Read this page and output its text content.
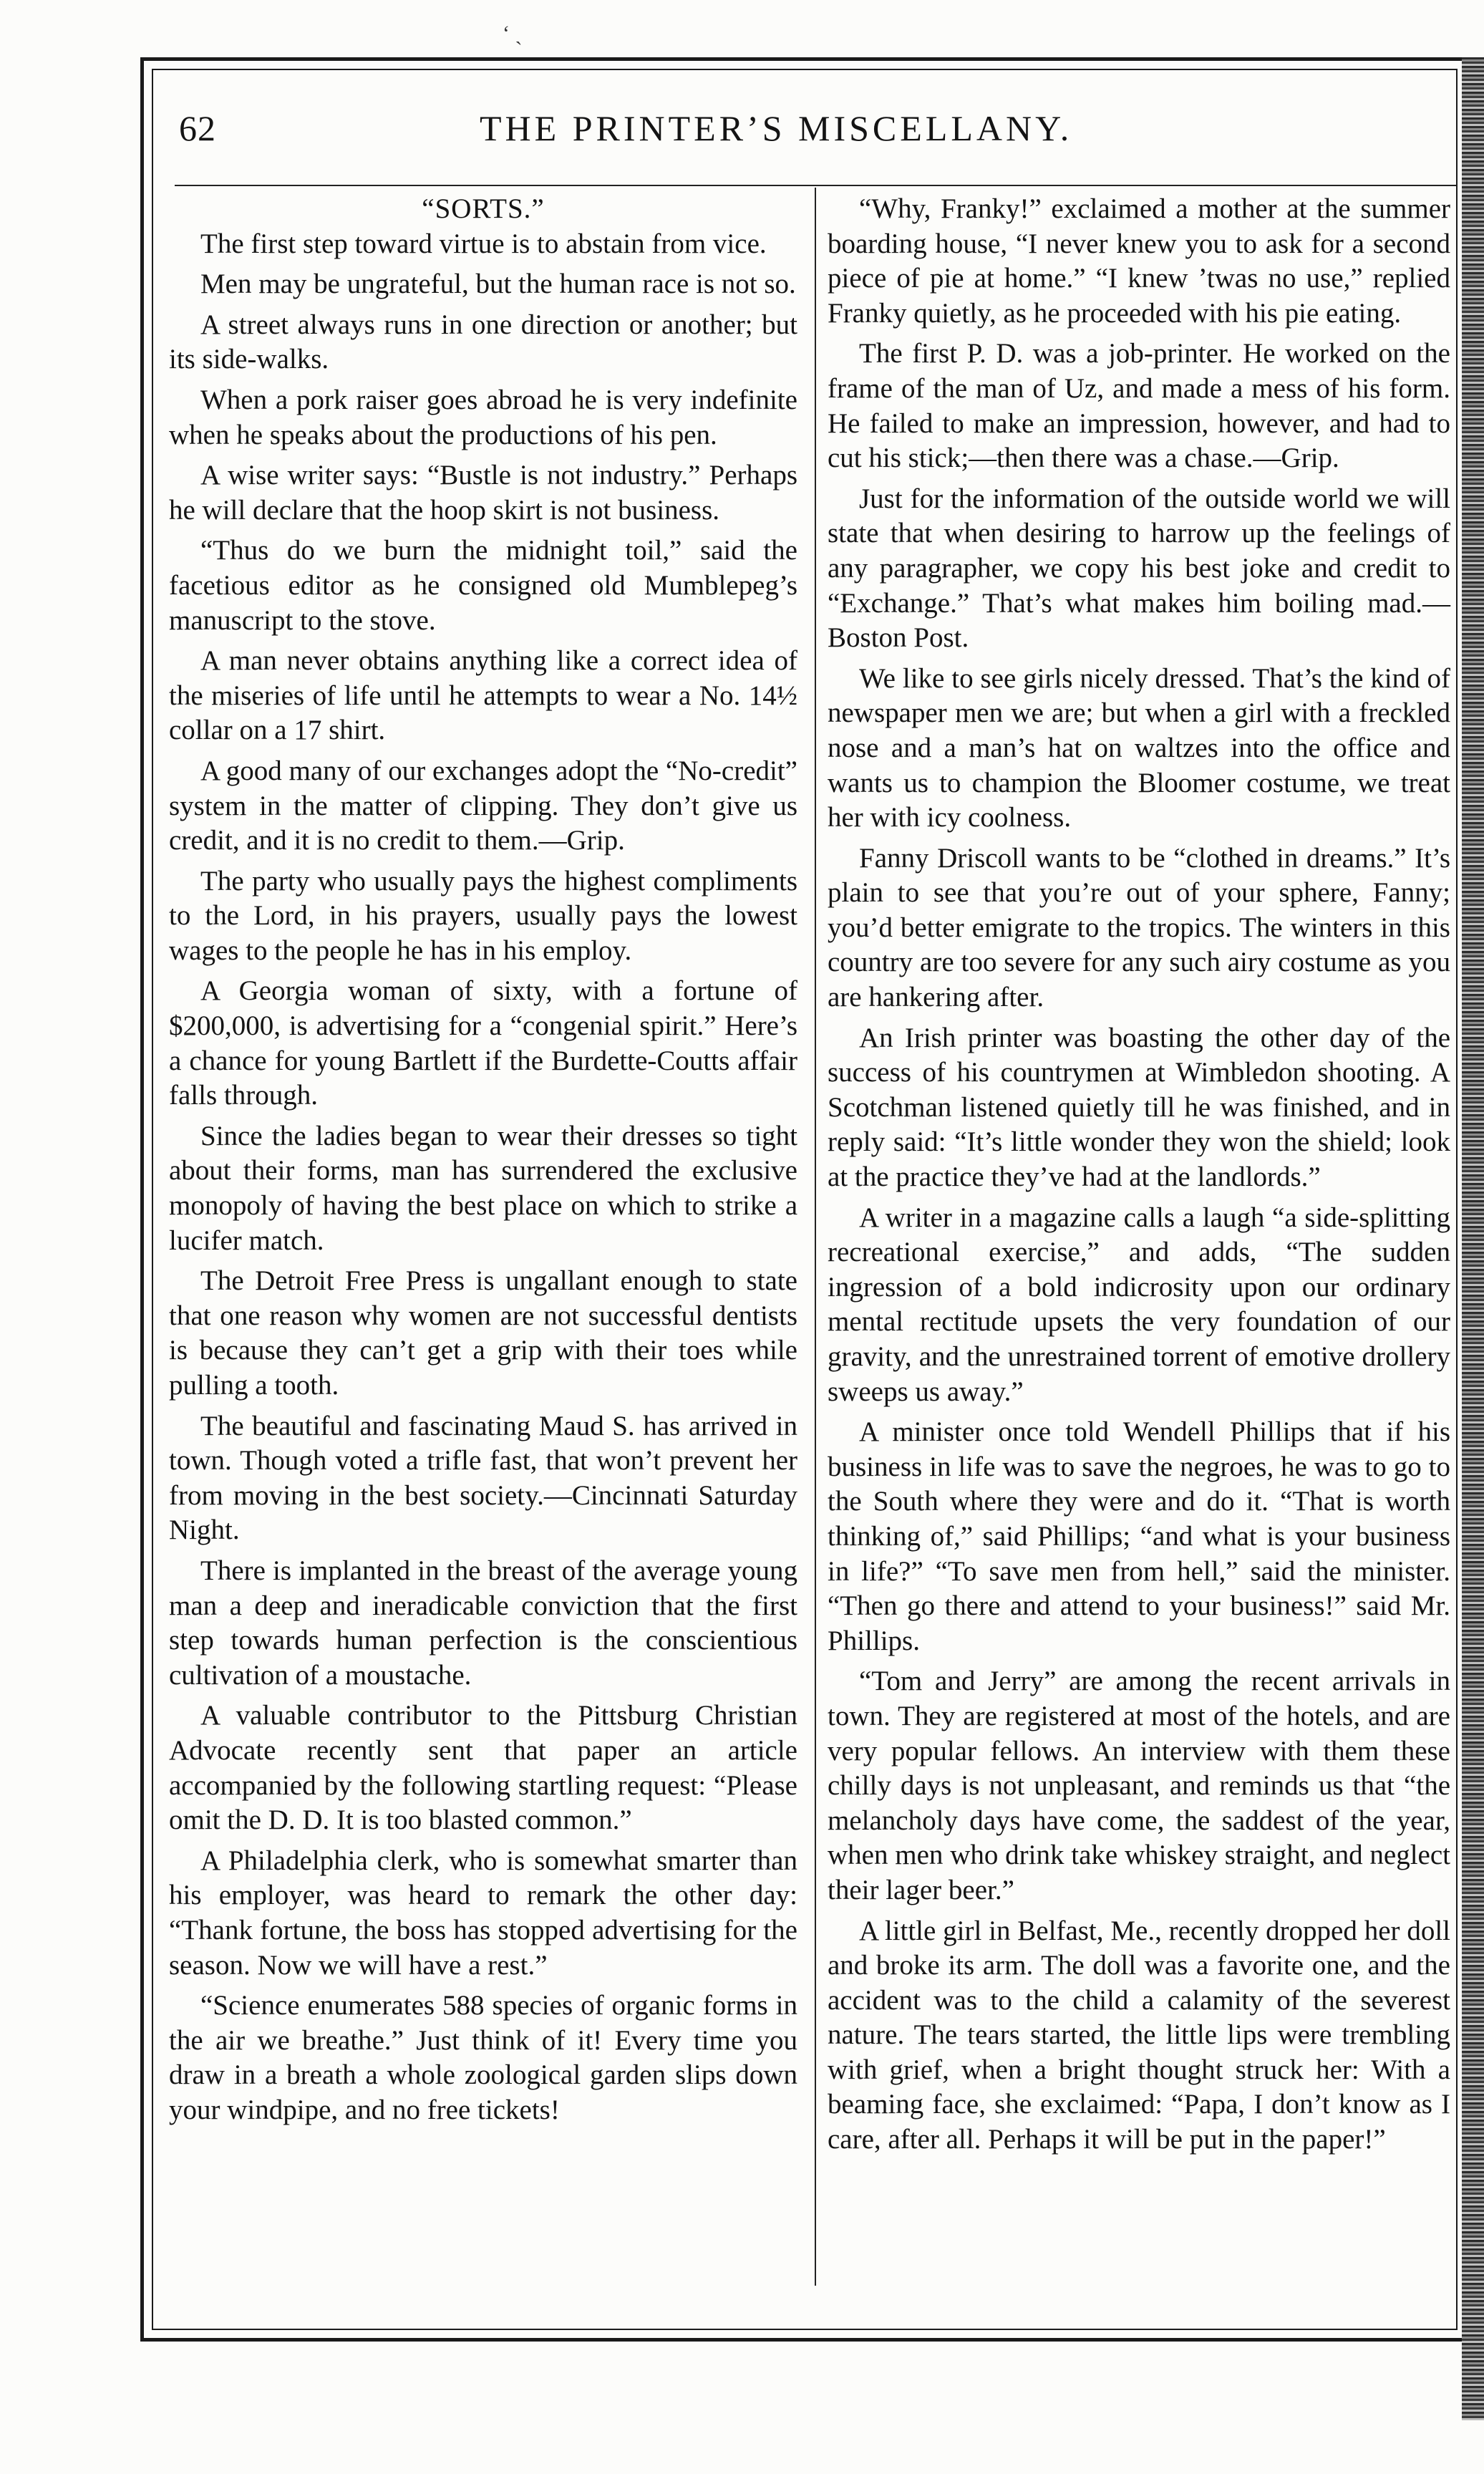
‘ ˎ
62	THE PRINTER’S MISCELLANY.

“SORTS.”

The first step toward virtue is to abstain from vice.

Men may be ungrateful, but the human race is not so.

A street always runs in one direction or another; but its side-walks.

When a pork raiser goes abroad he is very indefinite when he speaks about the productions of his pen.

A wise writer says: “Bustle is not industry.” Perhaps he will declare that the hoop skirt is not business.

“Thus do we burn the midnight toil,” said the facetious editor as he consigned old Mumblepeg’s manuscript to the stove.

A man never obtains anything like a correct idea of the miseries of life until he attempts to wear a No. 14½ collar on a 17 shirt.

A good many of our exchanges adopt the “No-credit” system in the matter of clipping. They don’t give us credit, and it is no credit to them.—Grip.

The party who usually pays the highest compliments to the Lord, in his prayers, usually pays the lowest wages to the people he has in his employ.

A Georgia woman of sixty, with a fortune of $200,000, is advertising for a “congenial spirit.” Here’s a chance for young Bartlett if the Burdette-Coutts affair falls through.

Since the ladies began to wear their dresses so tight about their forms, man has surrendered the exclusive monopoly of having the best place on which to strike a lucifer match.

The Detroit Free Press is ungallant enough to state that one reason why women are not successful dentists is because they can’t get a grip with their toes while pulling a tooth.

The beautiful and fascinating Maud S. has arrived in town. Though voted a trifle fast, that won’t prevent her from moving in the best society.—Cincinnati Saturday Night.

There is implanted in the breast of the average young man a deep and ineradicable conviction that the first step towards human perfection is the conscientious cultivation of a moustache.

A valuable contributor to the Pittsburg Christian Advocate recently sent that paper an article accompanied by the following startling request: “Please omit the D. D. It is too blasted common.”

A Philadelphia clerk, who is somewhat smarter than his employer, was heard to remark the other day: “Thank fortune, the boss has stopped advertising for the season. Now we will have a rest.”

“Science enumerates 588 species of organic forms in the air we breathe.” Just think of it! Every time you draw in a breath a whole zoological garden slips down your windpipe, and no free tickets!

“Why, Franky!” exclaimed a mother at the summer boarding house, “I never knew you to ask for a second piece of pie at home.” “I knew ’twas no use,” replied Franky quietly, as he proceeded with his pie eating.

The first P. D. was a job-printer. He worked on the frame of the man of Uz, and made a mess of his form. He failed to make an impression, however, and had to cut his stick;—then there was a chase.—Grip.

Just for the information of the outside world we will state that when desiring to harrow up the feelings of any paragrapher, we copy his best joke and credit to “Exchange.” That’s what makes him boiling mad.—Boston Post.

We like to see girls nicely dressed. That’s the kind of newspaper men we are; but when a girl with a freckled nose and a man’s hat on waltzes into the office and wants us to champion the Bloomer costume, we treat her with icy coolness.

Fanny Driscoll wants to be “clothed in dreams.” It’s plain to see that you’re out of your sphere, Fanny; you’d better emigrate to the tropics. The winters in this country are too severe for any such airy costume as you are hankering after.

An Irish printer was boasting the other day of the success of his countrymen at Wimbledon shooting. A Scotchman listened quietly till he was finished, and in reply said: “It’s little wonder they won the shield; look at the practice they’ve had at the landlords.”

A writer in a magazine calls a laugh “a side-splitting recreational exercise,” and adds, “The sudden ingression of a bold indicrosity upon our ordinary mental rectitude upsets the very foundation of our gravity, and the unrestrained torrent of emotive drollery sweeps us away.”

A minister once told Wendell Phillips that if his business in life was to save the negroes, he was to go to the South where they were and do it. “That is worth thinking of,” said Phillips; “and what is your business in life?” “To save men from hell,” said the minister. “Then go there and attend to your business!” said Mr. Phillips.

“Tom and Jerry” are among the recent arrivals in town. They are registered at most of the hotels, and are very popular fellows. An interview with them these chilly days is not unpleasant, and reminds us that “the melancholy days have come, the saddest of the year, when men who drink take whiskey straight, and neglect their lager beer.”

A little girl in Belfast, Me., recently dropped her doll and broke its arm. The doll was a favorite one, and the accident was to the child a calamity of the severest nature. The tears started, the little lips were trembling with grief, when a bright thought struck her: With a beaming face, she exclaimed: “Papa, I don’t know as I care, after all. Perhaps it will be put in the paper!”
